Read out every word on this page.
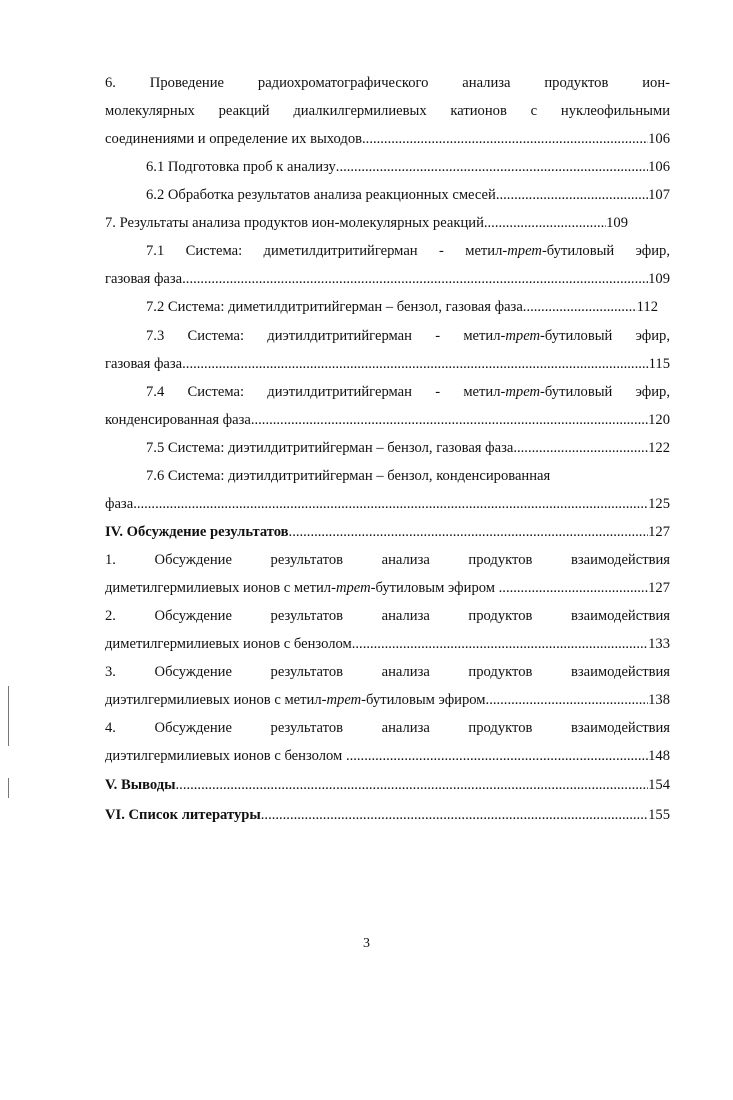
6. Проведение радиохроматографического анализа продуктов ион-
молекулярных реакций диалкилгермилиевых катионов с нуклеофильными
соединениями и определение их выходов .....	106
6.1 Подготовка проб к анализу .....	106
6.2 Обработка результатов анализа реакционных смесей .....	107
7. Результаты анализа продуктов ион-молекулярных реакций .....	109
7.1 Система: диметилдитритийгерман - метил-трет-бутиловый эфир,
газовая фаза .....	109
7.2 Система: диметилдитритийгерман – бензол, газовая фаза .....	112
7.3 Система: диэтилдитритийгерман - метил-трет-бутиловый эфир,
газовая фаза .....	115
7.4 Система: диэтилдитритийгерман - метил-трет-бутиловый эфир,
конденсированная фаза .....	120
7.5 Система: диэтилдитритийгерман – бензол, газовая фаза .....	122
7.6 Система: диэтилдитритийгерман – бензол, конденсированная
фаза .....	125
IV. Обсуждение результатов .....	127
1. Обсуждение результатов анализа продуктов взаимодействия
диметилгермилиевых ионов с метил-трет-бутиловым эфиром .....	127
2. Обсуждение результатов анализа продуктов взаимодействия
диметилгермилиевых ионов с бензолом .....	133
3. Обсуждение результатов анализа продуктов взаимодействия
диэтилгермилиевых ионов с метил-трет-бутиловым эфиром .....	138
4. Обсуждение результатов анализа продуктов взаимодействия
диэтилгермилиевых ионов с бензолом .....	148
V. Выводы .....	154
VI. Список литературы .....	155
3
